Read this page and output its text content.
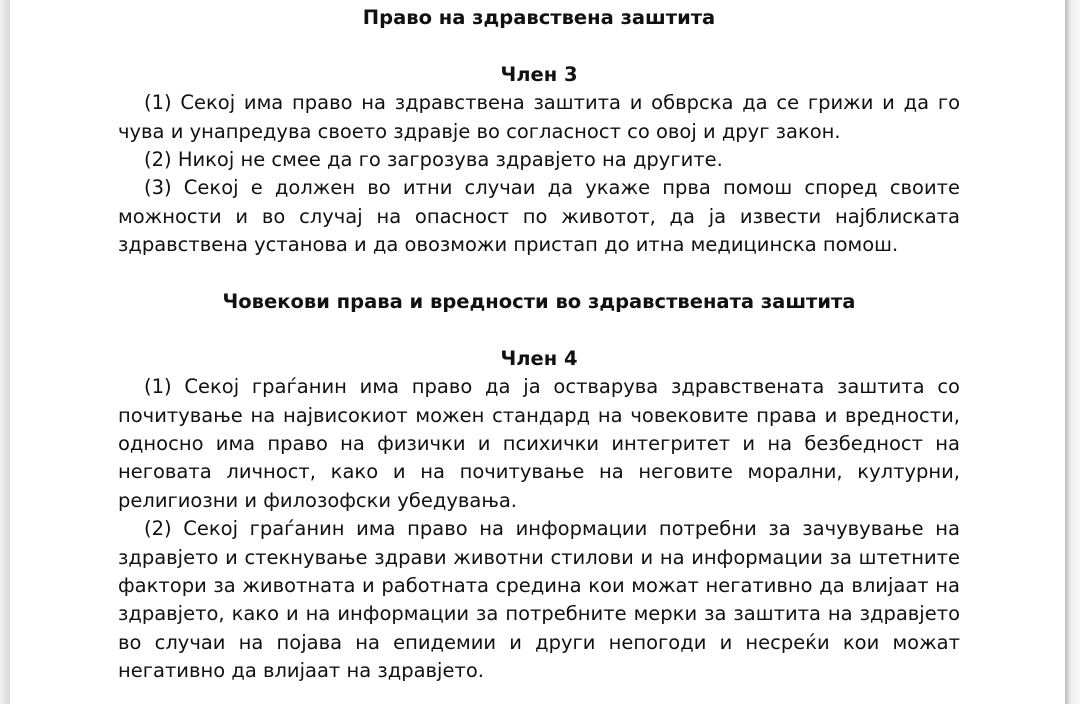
Право на здравствена заштита

Член 3

(1) Секој има право на здравствена заштита и обврска да се грижи и да го чува и унапредува своето здравје во согласност со овој и друг закон.

(2) Никој не смее да го загрозува здравјето на другите.

(3) Секој е должен во итни случаи да укаже прва помош според своите можности и во случај на опасност по животот, да ја извести најблиската здравствена установа и да овозможи пристап до итна медицинска помош.

Човекови права и вредности во здравствената заштита

Член 4

(1) Секој граѓанин има право да ја остварува здравствената заштита со почитување на највисокиот можен стандард на човековите права и вредности, односно има право на физички и психички интегритет и на безбедност на неговата личност, како и на почитување на неговите морални, културни, религиозни и филозофски убедувања.

(2) Секој граѓанин има право на информации потребни за зачувување на здравјето и стекнување здрави животни стилови и на информации за штетните фактори за животната и работната средина кои можат негативно да влијаат на здравјето, како и на информации за потребните мерки за заштита на здравјето во случаи на појава на епидемии и други непогоди и несреќи кои можат негативно да влијаат на здравјето.
